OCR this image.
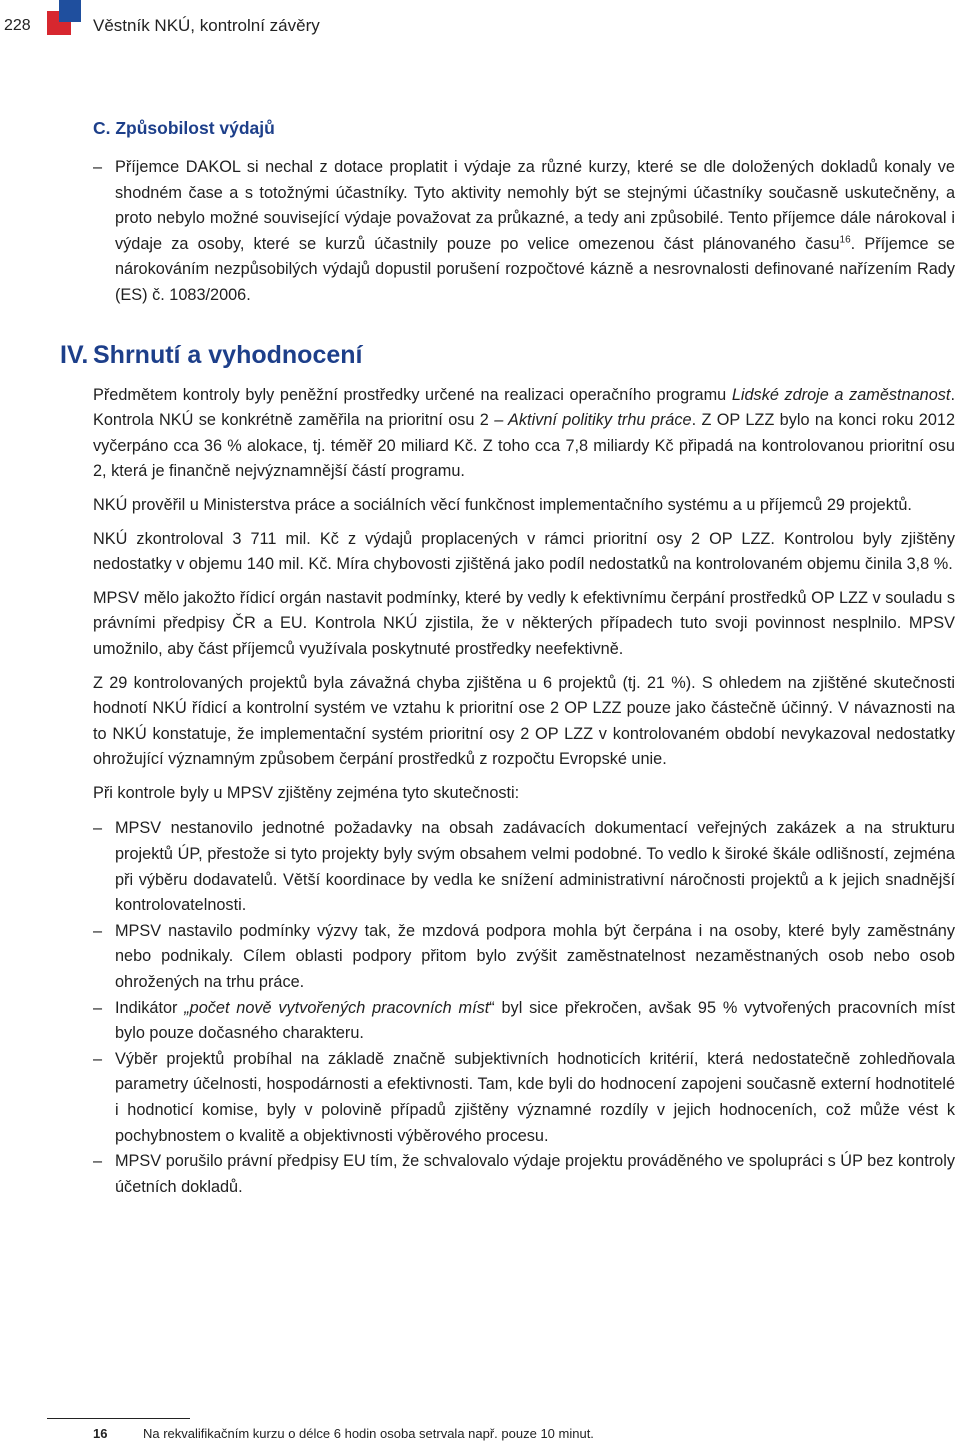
228	Věstník NKÚ, kontrolní závěry
C. Způsobilost výdajů
– Příjemce DAKOL si nechal z dotace proplatit i výdaje za různé kurzy, které se dle doložených dokladů konaly ve shodném čase a s totožnými účastníky. Tyto aktivity nemohly být se stejnými účastníky současně uskutečněny, a proto nebylo možné související výdaje považovat za průkazné, a tedy ani způsobilé. Tento příjemce dále nárokoval i výdaje za osoby, které se kurzů účastnily pouze po velice omezenou část plánovaného času$^{16}$. Příjemce se nárokováním nezpůsobilých výdajů dopustil porušení rozpočtové kázně a nesrovnalosti definované nařízením Rady (ES) č. 1083/2006.
IV. Shrnutí a vyhodnocení

Předmětem kontroly byly peněžní prostředky určené na realizaci operačního programu Lidské zdroje a zaměstnanost. Kontrola NKÚ se konkrétně zaměřila na prioritní osu 2 – Aktivní politiky trhu práce. Z OP LZZ bylo na konci roku 2012 vyčerpáno cca 36 % alokace, tj. téměř 20 miliard Kč. Z toho cca 7,8 miliardy Kč připadá na kontrolovanou prioritní osu 2, která je finančně nejvýznamnější částí programu.

NKÚ prověřil u Ministerstva práce a sociálních věcí funkčnost implementačního systému a u příjemců 29 projektů.

NKÚ zkontroloval 3 711 mil. Kč z výdajů proplacených v rámci prioritní osy 2 OP LZZ. Kontrolou byly zjištěny nedostatky v objemu 140 mil. Kč. Míra chybovosti zjištěná jako podíl nedostatků na kontrolovaném objemu činila 3,8 %.

MPSV mělo jakožto řídicí orgán nastavit podmínky, které by vedly k efektivnímu čerpání prostředků OP LZZ v souladu s právními předpisy ČR a EU. Kontrola NKÚ zjistila, že v některých případech tuto svoji povinnost nesplnilo. MPSV umožnilo, aby část příjemců využívala poskytnuté prostředky neefektivně.

Z 29 kontrolovaných projektů byla závažná chyba zjištěna u 6 projektů (tj. 21 %). S ohledem na zjištěné skutečnosti hodnotí NKÚ řídicí a kontrolní systém ve vztahu k prioritní ose 2 OP LZZ pouze jako částečně účinný. V návaznosti na to NKÚ konstatuje, že implementační systém prioritní osy 2 OP LZZ v kontrolovaném období nevykazoval nedostatky ohrožující významným způsobem čerpání prostředků z rozpočtu Evropské unie.

Při kontrole byly u MPSV zjištěny zejména tyto skutečnosti:

– MPSV nestanovilo jednotné požadavky na obsah zadávacích dokumentací veřejných zakázek a na strukturu projektů ÚP, přestože si tyto projekty byly svým obsahem velmi podobné. To vedlo k široké škále odlišností, zejména při výběru dodavatelů. Větší koordinace by vedla ke snížení administrativní náročnosti projektů a k jejich snadnější kontrolovatelnosti.
– MPSV nastavilo podmínky výzvy tak, že mzdová podpora mohla být čerpána i na osoby, které byly zaměstnány nebo podnikaly. Cílem oblasti podpory přitom bylo zvýšit zaměstnatelnost nezaměstnaných osob nebo osob ohrožených na trhu práce.
– Indikátor „počet nově vytvořených pracovních míst“ byl sice překročen, avšak 95 % vytvořených pracovních míst bylo pouze dočasného charakteru.
– Výběr projektů probíhal na základě značně subjektivních hodnoticích kritérií, která nedostatečně zohledňovala parametry účelnosti, hospodárnosti a efektivnosti. Tam, kde byli do hodnocení zapojeni současně externí hodnotitelé i hodnoticí komise, byly v polovině případů zjištěny významné rozdíly v jejich hodnoceních, což může vést k pochybnostem o kvalitě a objektivnosti výběrového procesu.
– MPSV porušilo právní předpisy EU tím, že schvalovalo výdaje projektu prováděného ve spolupráci s ÚP bez kontroly účetních dokladů.
16	Na rekvalifikačním kurzu o délce 6 hodin osoba setrvala např. pouze 10 minut.
